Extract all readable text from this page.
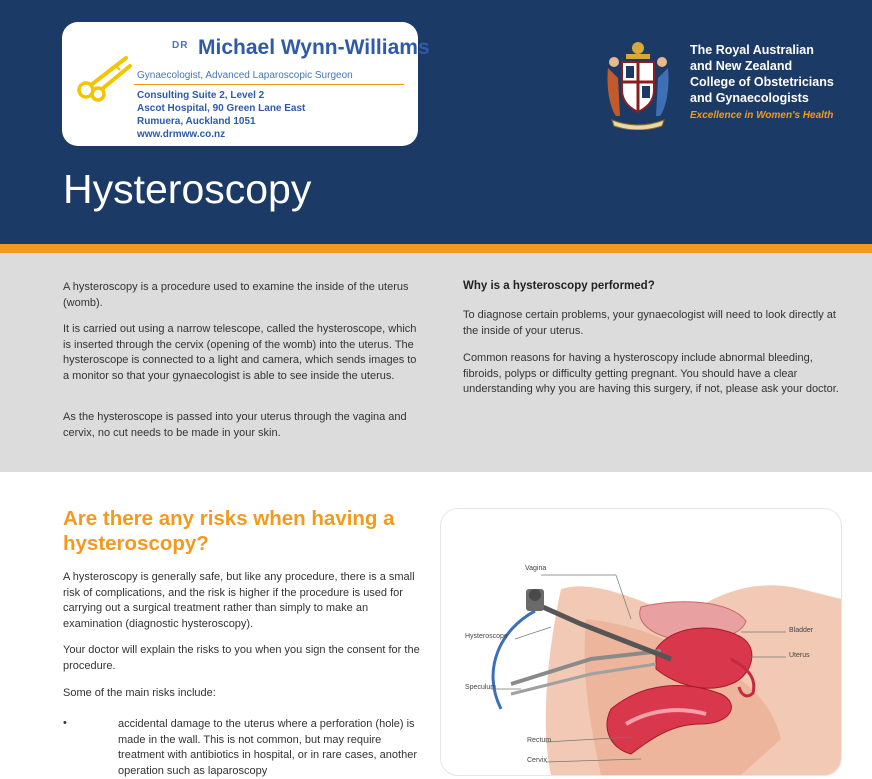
DR Michael Wynn-Williams
Gynaecologist, Advanced Laparoscopic Surgeon
Consulting Suite 2, Level 2
Ascot Hospital, 90 Green Lane East
Rumuera, Auckland 1051
www.drmww.co.nz
The Royal Australian
and New Zealand
College of Obstetricians
and Gynaecologists
Excellence in Women's Health
Hysteroscopy

A hysteroscopy is a procedure used to examine the inside of the uterus (womb).

It is carried out using a narrow telescope, called the hysteroscope, which is inserted through the cervix (opening of the womb) into the uterus. The hysteroscope is connected to a light and camera, which sends images to a monitor so that your gynaecologist is able to see inside the uterus.

As the hysteroscope is passed into your uterus through the vagina and cervix, no cut needs to be made in your skin.

Why is a hysteroscopy performed?

To diagnose certain problems, your gynaecologist will need to look directly at the inside of your uterus.

Common reasons for having a hysteroscopy include abnormal bleeding, fibroids, polyps or difficulty getting pregnant. You should have a clear understanding why you are having this surgery, if not, please ask your doctor.

Are there any risks when having a hysteroscopy?

A hysteroscopy is generally safe, but like any procedure, there is a small risk of complications, and the risk is higher if the procedure is used for carrying out a surgical treatment rather than simply to make an examination (diagnostic hysteroscopy).

Your doctor will explain the risks to you when you sign the consent for the procedure.

Some of the main risks include:

•	accidental damage to the uterus where a perforation (hole) is made in the wall. This is not common, but may require treatment with antibiotics in hospital, or in rare cases, another operation such as laparoscopy

Vagina
Hysteroscope
Speculum
Rectum
Cervix
Bladder
Uterus
